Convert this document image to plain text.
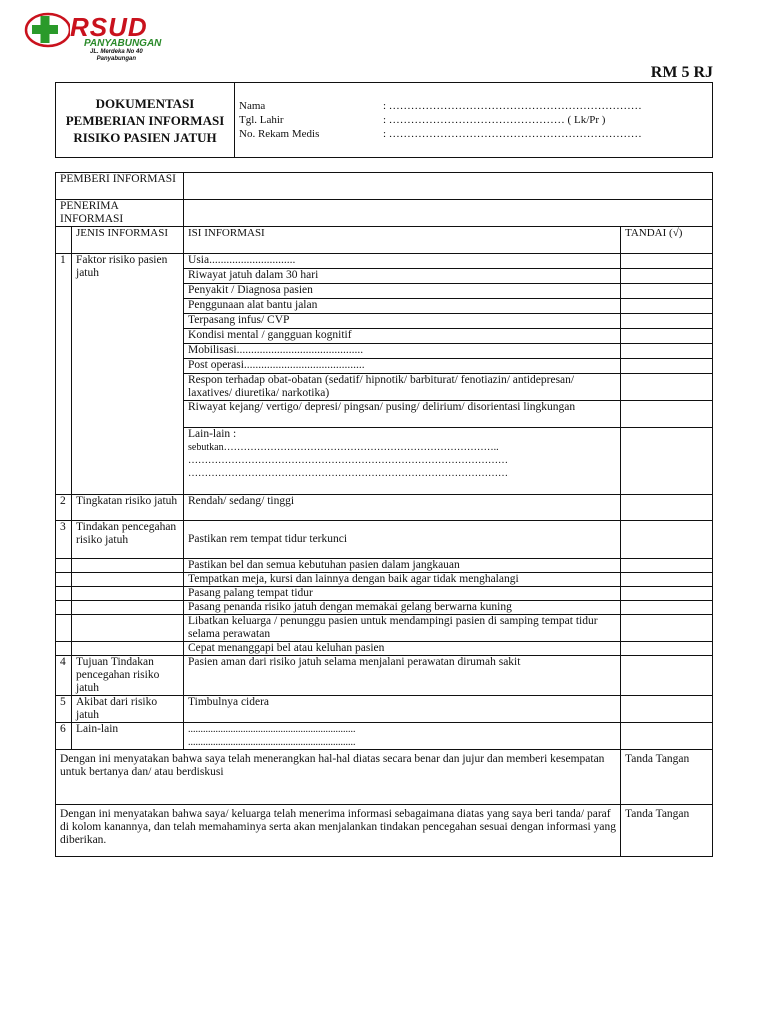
RSUD
PANYABUNGAN
JL. Merdeka No 40
Panyabungan
RM 5 RJ
DOKUMENTASI PEMBERIAN INFORMASI RISIKO PASIEN JATUH
Nama	: ……………………………………………………………
Tgl. Lahir	: ………………………………………… ( Lk/Pr )
No. Rekam Medis	: ……………………………………………………………
PEMBERI INFORMASI			
PENERIMA INFORMASI			
	JENIS INFORMASI	ISI INFORMASI	TANDAI (√)
1	Faktor risiko pasien jatuh	Usia..............................	
		Riwayat jatuh dalam 30 hari	
		Penyakit / Diagnosa pasien	
		Penggunaan alat bantu jalan	
		Terpasang infus/ CVP	
		Kondisi mental / gangguan kognitif	
		Mobilisasi............................................	
		Post operasi..........................................	
		Respon terhadap obat-obatan (sedatif/ hipnotik/ barbiturat/ fenotiazin/ antidepresan/ laxatives/ diuretika/ narkotika)	
		Riwayat kejang/ vertigo/ depresi/ pingsan/ pusing/ delirium/ disorientasi lingkungan	

		Lain-lain :
sebutkan………………………………………………………………………..
……………………………………………………………………………………
……………………………………………………………………………………	

2	Tingkatan risiko jatuh	Rendah/ sedang/ tinggi	
3	Tindakan pencegahan risiko jatuh	Pastikan rem tempat tidur terkunci	
		Pastikan bel dan semua kebutuhan pasien dalam jangkauan	
		Tempatkan meja, kursi dan lainnya dengan baik agar tidak menghalangi	
		Pasang palang tempat tidur	
		Pasang penanda risiko jatuh dengan memakai gelang berwarna kuning	
		Libatkan keluarga / penunggu pasien untuk mendampingi pasien di samping tempat tidur selama perawatan	
		Cepat menanggapi bel atau keluhan pasien	
4	Tujuan Tindakan pencegahan risiko jatuh	Pasien aman dari risiko jatuh selama menjalani perawatan dirumah sakit	
5	Akibat dari risiko jatuh	Timbulnya cidera	
6	Lain-lain	...................................................................
...................................................................	

Dengan ini menyatakan bahwa saya telah menerangkan hal-hal diatas secara benar dan jujur dan memberi kesempatan untuk bertanya dan/ atau berdiskusi			Tanda Tangan
Dengan ini menyatakan bahwa saya/ keluarga telah menerima informasi sebagaimana diatas yang saya beri tanda/ paraf di kolom kanannya, dan telah memahaminya serta akan menjalankan tindakan pencegahan sesuai dengan informasi yang diberikan.			Tanda Tangan
